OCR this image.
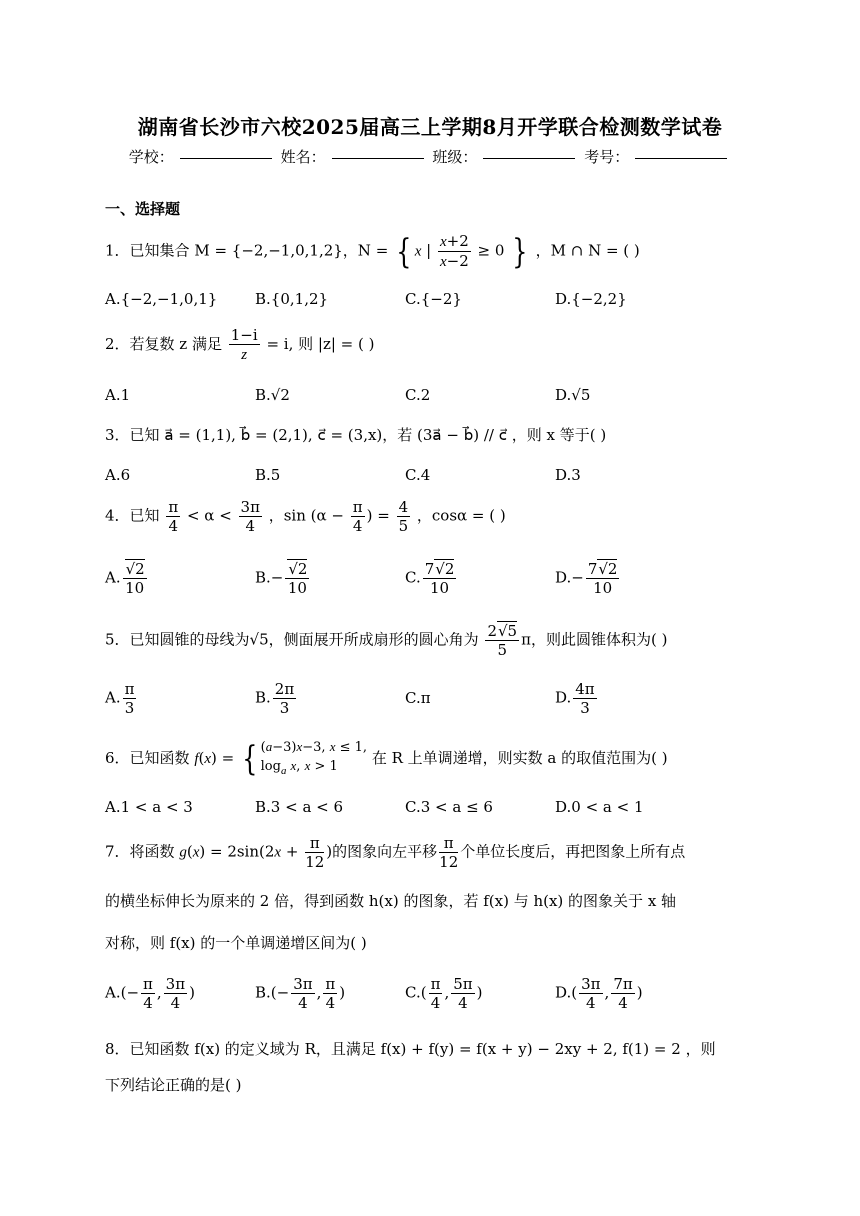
湖南省长沙市六校2025届高三上学期8月开学联合检测数学试卷
学校：	姓名：	班级：	考号：
一、选择题
1．已知集合 M = {−2,−1,0,1,2}，N = { x | $\frac{x+2}{x-2} \ge 0$ } ，M ∩ N = ( )
A.{−2,−1,0,1}	B.{0,1,2}	C.{−2}	D.{−2,2}
2．若复数 z 满足 $\frac{1-i}{z} = i$, 则 |z| = ( )
A.1	B.√2	C.2	D.√5
3．已知 a⃗ = (1,1), b⃗ = (2,1), c⃗ = (3,x)，若 (3a⃗ − b⃗) // c⃗ ，则 x 等于( )
A.6	B.5	C.4	D.3
4．已知 $\frac{\pi}{4} < \alpha < \frac{3\pi}{4}$ ，$\sin (\alpha - \frac{\pi}{4}$ ) = $\frac{4}{5}$ ，cosα = ( )
A. $\frac{√2}{10}$	$B.- \frac{√2}{10}$	C. $\frac{7√2}{10}$	$D.- \frac{7√2}{10}$
5．已知圆锥的母线为√5，侧面展开所成扇形的圆心角为 $\frac{2√5}{5}$ π，则此圆锥体积为( )
A. $\frac{\pi}{3}$	B. $\frac{2\pi}{3}$	C.π	D. $\frac{4\pi}{3}$
6．已知函数 f(x) = { (a−3)x−3, x ≤ 1,
$\log_a x$, x > 1	在 R 上单调递增，则实数 a 的取值范围为( )
A.1 < a < 3	B.3 < a < 6	C.3 < a ≤ 6	D.0 < a < 1
7．将函数 $g(x) = 2\sin(2x + \frac{\pi}{12}$ )的图象向左平移 $\frac{\pi}{12}$ 个单位长度后，再把图象上所有点
的横坐标伸长为原来的 2 倍，得到函数 h(x) 的图象，若 f(x) 与 h(x) 的图象关于 x 轴
对称，则 f(x) 的一个单调递增区间为( )
$A.(- \frac{\pi}{4}$ , $\frac{3\pi}{4}$ )	$B.(- \frac{3\pi}{4}$ , $\frac{\pi}{4}$ )	$C.( \frac{\pi}{4}$ , $\frac{5\pi}{4}$ )	$D.( \frac{3\pi}{4}$ , $\frac{7\pi}{4}$ )
8．已知函数 f(x) 的定义域为 R，且满足 f(x) + f(y) = f(x + y) − 2xy + 2, f(1) = 2 ，则
下列结论正确的是( )
